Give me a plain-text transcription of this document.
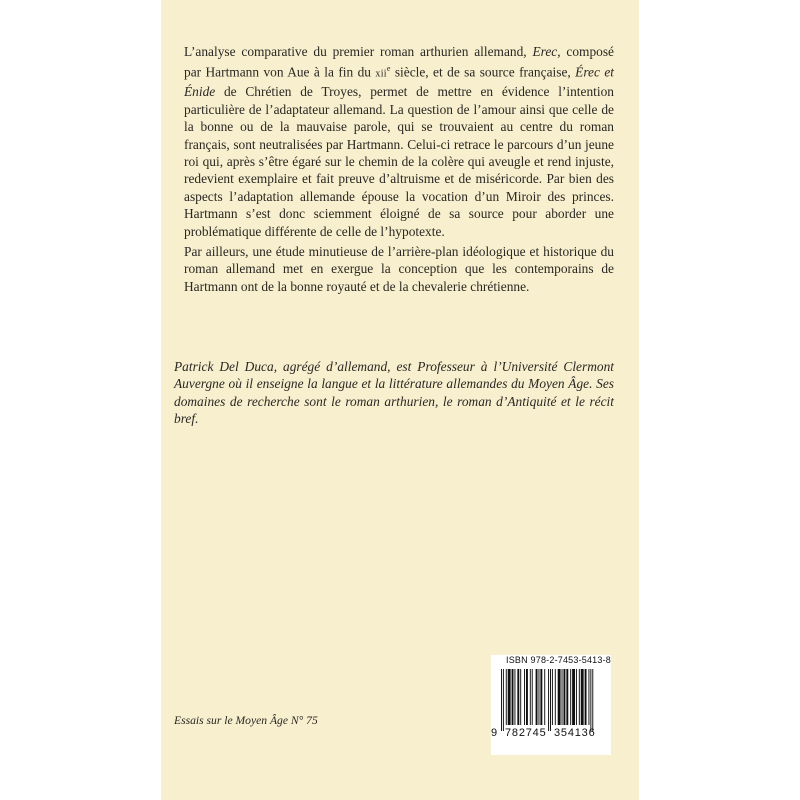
L’analyse comparative du premier roman arthurien allemand, Erec, composé par Hartmann von Aue à la fin du xii$^e$ siècle, et de sa source française, Érec et Énide de Chrétien de Troyes, permet de mettre en évidence l’intention particulière de l’adaptateur allemand. La question de l’amour ainsi que celle de la bonne ou de la mauvaise parole, qui se trouvaient au centre du roman français, sont neutralisées par Hartmann. Celui-ci retrace le parcours d’un jeune roi qui, après s’être égaré sur le chemin de la colère qui aveugle et rend injuste, redevient exemplaire et fait preuve d’altruisme et de miséricorde. Par bien des aspects l’adaptation allemande épouse la vocation d’un Miroir des princes. Hartmann s’est donc sciemment éloigné de sa source pour aborder une problématique différente de celle de l’hypotexte.

Par ailleurs, une étude minutieuse de l’arrière-plan idéologique et historique du roman allemand met en exergue la conception que les contemporains de Hartmann ont de la bonne royauté et de la chevalerie chrétienne.

Patrick Del Duca, agrégé d’allemand, est Professeur à l’Université Clermont Auvergne où il enseigne la langue et la littérature allemandes du Moyen Âge. Ses domaines de recherche sont le roman arthurien, le roman d’Antiquité et le récit bref.
Essais sur le Moyen Âge N° 75
ISBN 978-2-7453-5413-8
9 782745 354136
